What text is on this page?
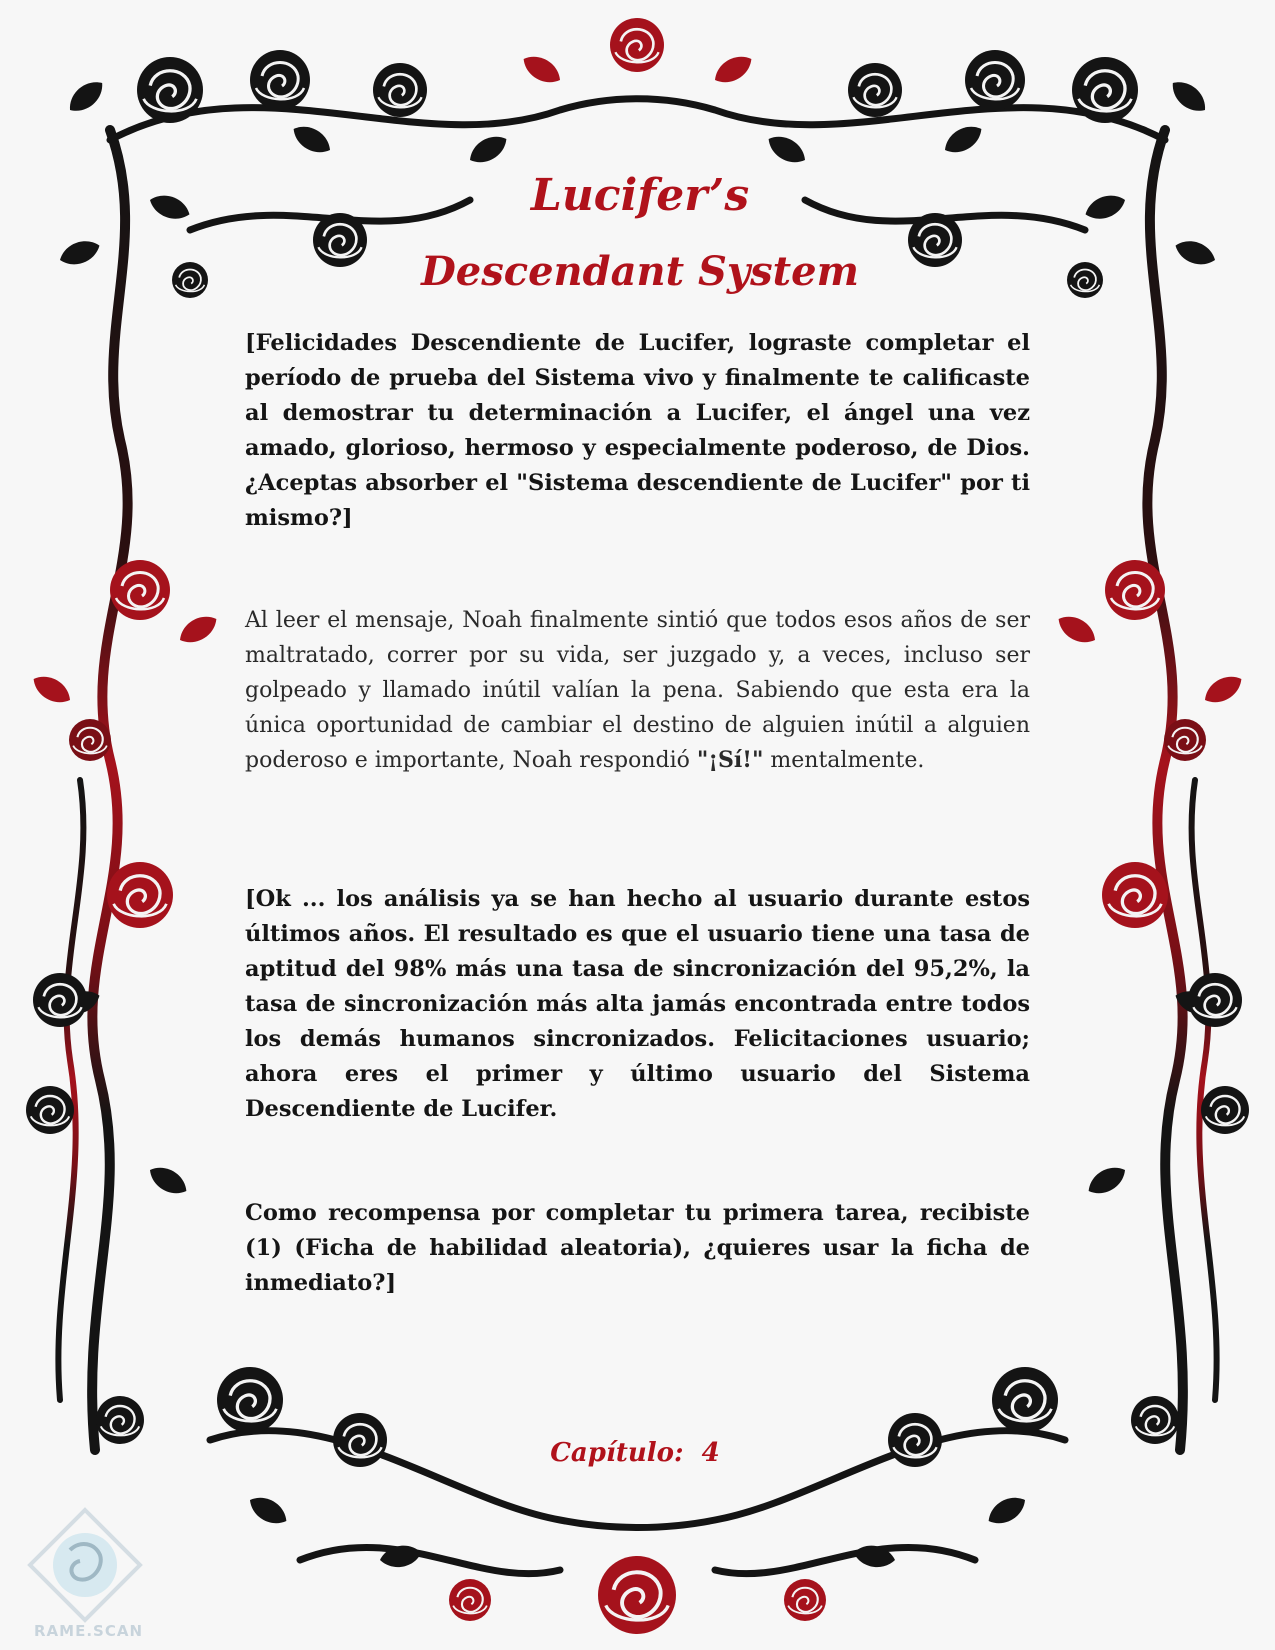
Lucifer’s
Descendant System

[Felicidades Descendiente de Lucifer, lograste completar el período de prueba del Sistema vivo y finalmente te calificaste al demostrar tu determinación a Lucifer, el ángel una vez amado, glorioso, hermoso y especialmente poderoso, de Dios. ¿Aceptas absorber el "Sistema descendiente de Lucifer" por ti mismo?]

Al leer el mensaje, Noah finalmente sintió que todos esos años de ser maltratado, correr por su vida, ser juzgado y, a veces, incluso ser golpeado y llamado inútil valían la pena. Sabiendo que esta era la única oportunidad de cambiar el destino de alguien inútil a alguien poderoso e importante, Noah respondió "¡Sí!" mentalmente.

[Ok ... los análisis ya se han hecho al usuario durante estos últimos años. El resultado es que el usuario tiene una tasa de aptitud del 98% más una tasa de sincronización del 95,2%, la tasa de sincronización más alta jamás encontrada entre todos los demás humanos sincronizados. Felicitaciones usuario; ahora eres el primer y último usuario del Sistema Descendiente de Lucifer.

Como recompensa por completar tu primera tarea, recibiste (1) (Ficha de habilidad aleatoria), ¿quieres usar la ficha de inmediato?]

Capítulo:  4
RAME.SCAN
